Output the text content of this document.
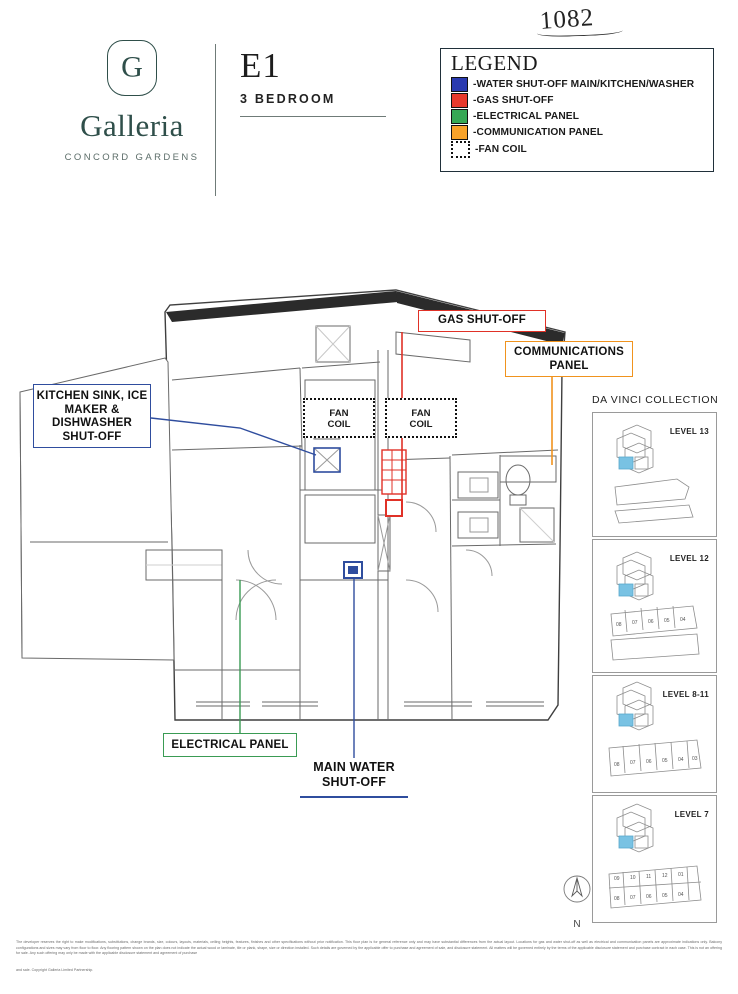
1082
G
Galleria
CONCORD GARDENS
E1
3 BEDROOM
LEGEND
-WATER SHUT-OFF MAIN/KITCHEN/WASHER
-GAS SHUT-OFF
-ELECTRICAL PANEL
-COMMUNICATION PANEL
-FAN COIL
GAS SHUT-OFF
COMMUNICATIONS
PANEL
KITCHEN SINK, ICE
MAKER &
DISHWASHER
SHUT-OFF
ELECTRICAL PANEL
MAIN WATER
SHUT-OFF
FAN
COIL
FAN
COIL
DA VINCI COLLECTION
LEVEL 13
LEVEL 12
08 07 06 05 04
LEVEL 8-11
08 07 06 05 04 03
LEVEL 7
09 10 11 12 01
08 07 06 05 04
N
The developer reserves the right to make modifications, substitutions, change brands, size, colours, layouts, materials, ceiling heights, features, finishes and other specifications without prior notification. This floor plan is for general reference only and may have substantial differences from the actual layout. Locations for gas and water shut-off as well as electrical and communication panels are approximate indications only. Balcony configurations and sizes may vary from floor to floor. Any flooring pattern shown on the plan does not indicate the actual wood or laminate, tile or plank, shape, size or direction installed. Such details are governed by the applicable offer to purchase and agreement of sale, and disclosure statement. All matters will be governed entirely by the terms of the applicable disclosure statement and purchase contract in each case. This is not an offering for sale. Any such offering may only be made with the applicable disclosure statement and agreement of purchase
and sale. Copyright Galleria Limited Partnership.
